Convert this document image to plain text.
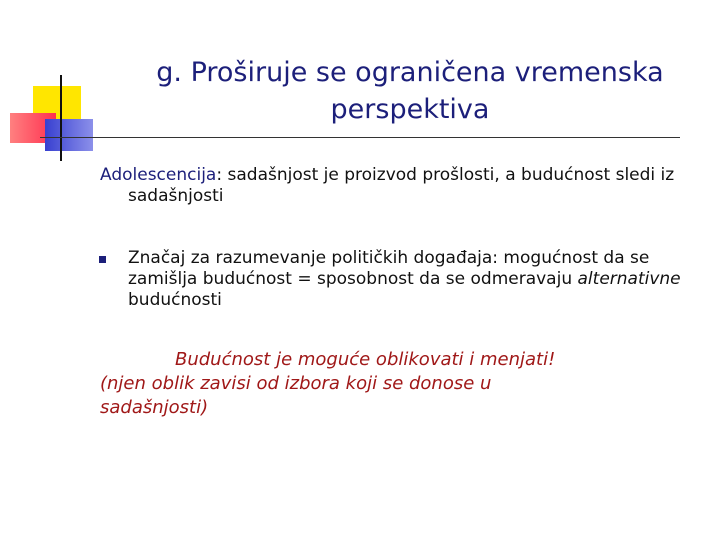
g. Proširuje se ograničena vremenska perspektiva
Adolescencija: sadašnjost je proizvod prošlosti, a budućnost sledi iz
sadašnjosti
Značaj za razumevanje političkih događaja: mogućnost da se zamišlja budućnost = sposobnost da se odmeravaju alternativne budućnosti
Budućnost je moguće oblikovati i menjati!
(njen oblik zavisi od izbora koji se donose u sadašnjosti)
